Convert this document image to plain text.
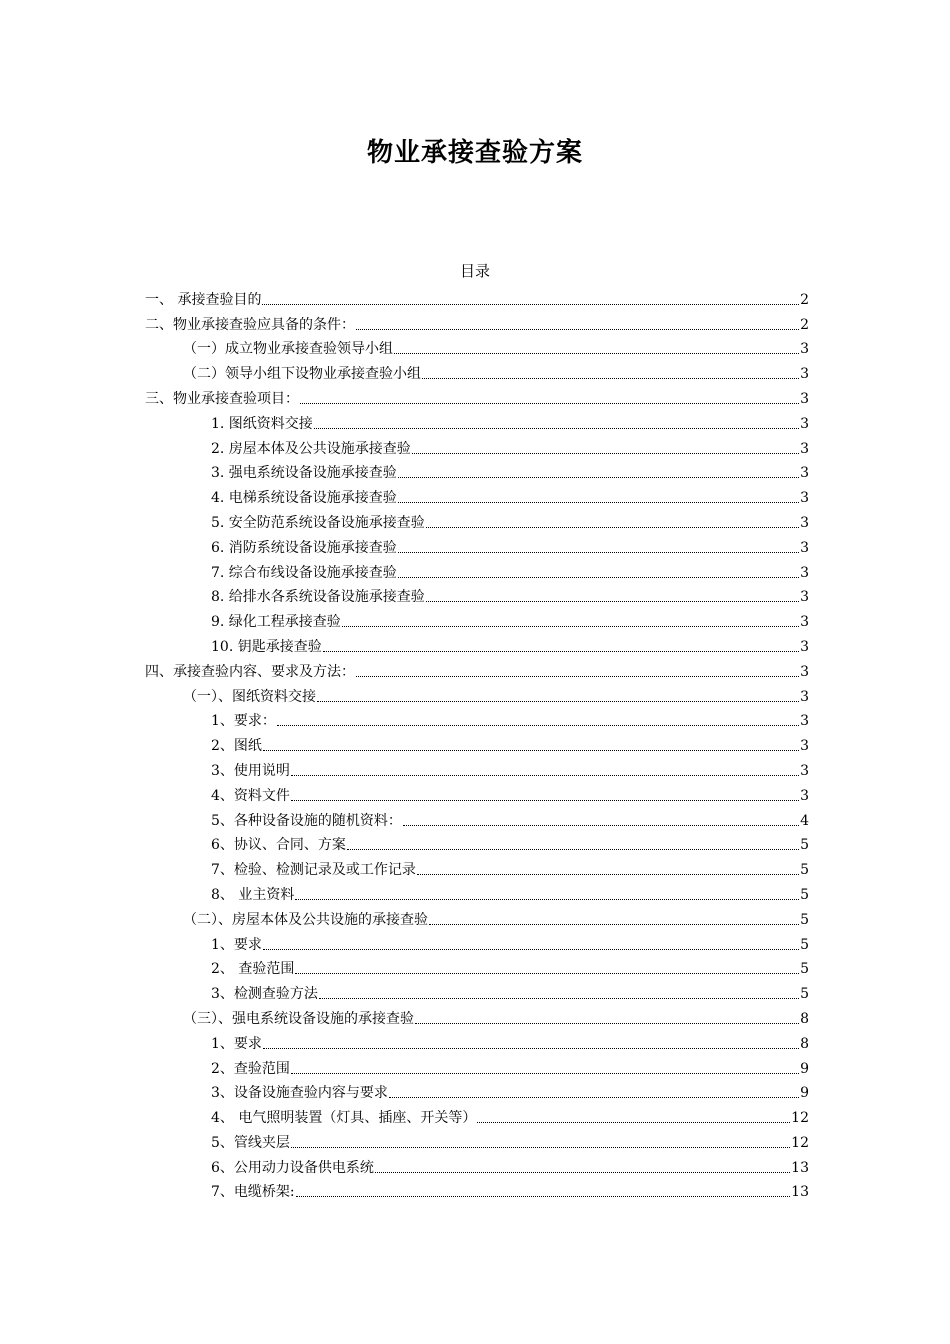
物业承接查验方案
目录
一、 承接查验目的	2
二、物业承接查验应具备的条件：	2
（一）成立物业承接查验领导小组	3
（二）领导小组下设物业承接查验小组	3
三、物业承接查验项目：	3
1. 图纸资料交接	3
2. 房屋本体及公共设施承接查验	3
3. 强电系统设备设施承接查验	3
4. 电梯系统设备设施承接查验	3
5. 安全防范系统设备设施承接查验	3
6. 消防系统设备设施承接查验	3
7. 综合布线设备设施承接查验	3
8. 给排水各系统设备设施承接查验	3
9. 绿化工程承接查验	3
10. 钥匙承接查验	3
四、承接查验内容、要求及方法：	3
（一）、图纸资料交接	3
1、要求：	3
2、图纸	3
3、使用说明	3
4、资料文件	3
5、各种设备设施的随机资料：	4
6、协议、合同、方案	5
7、检验、检测记录及或工作记录	5
8、 业主资料	5
（二）、房屋本体及公共设施的承接查验	5
1、要求	5
2、 查验范围	5
3、检测查验方法	5
（三）、强电系统设备设施的承接查验	8
1、要求	8
2、查验范围	9
3、设备设施查验内容与要求	9
4、 电气照明装置（灯具、插座、开关等）	12
5、管线夹层	12
6、公用动力设备供电系统	13
7、电缆桥架:	13
